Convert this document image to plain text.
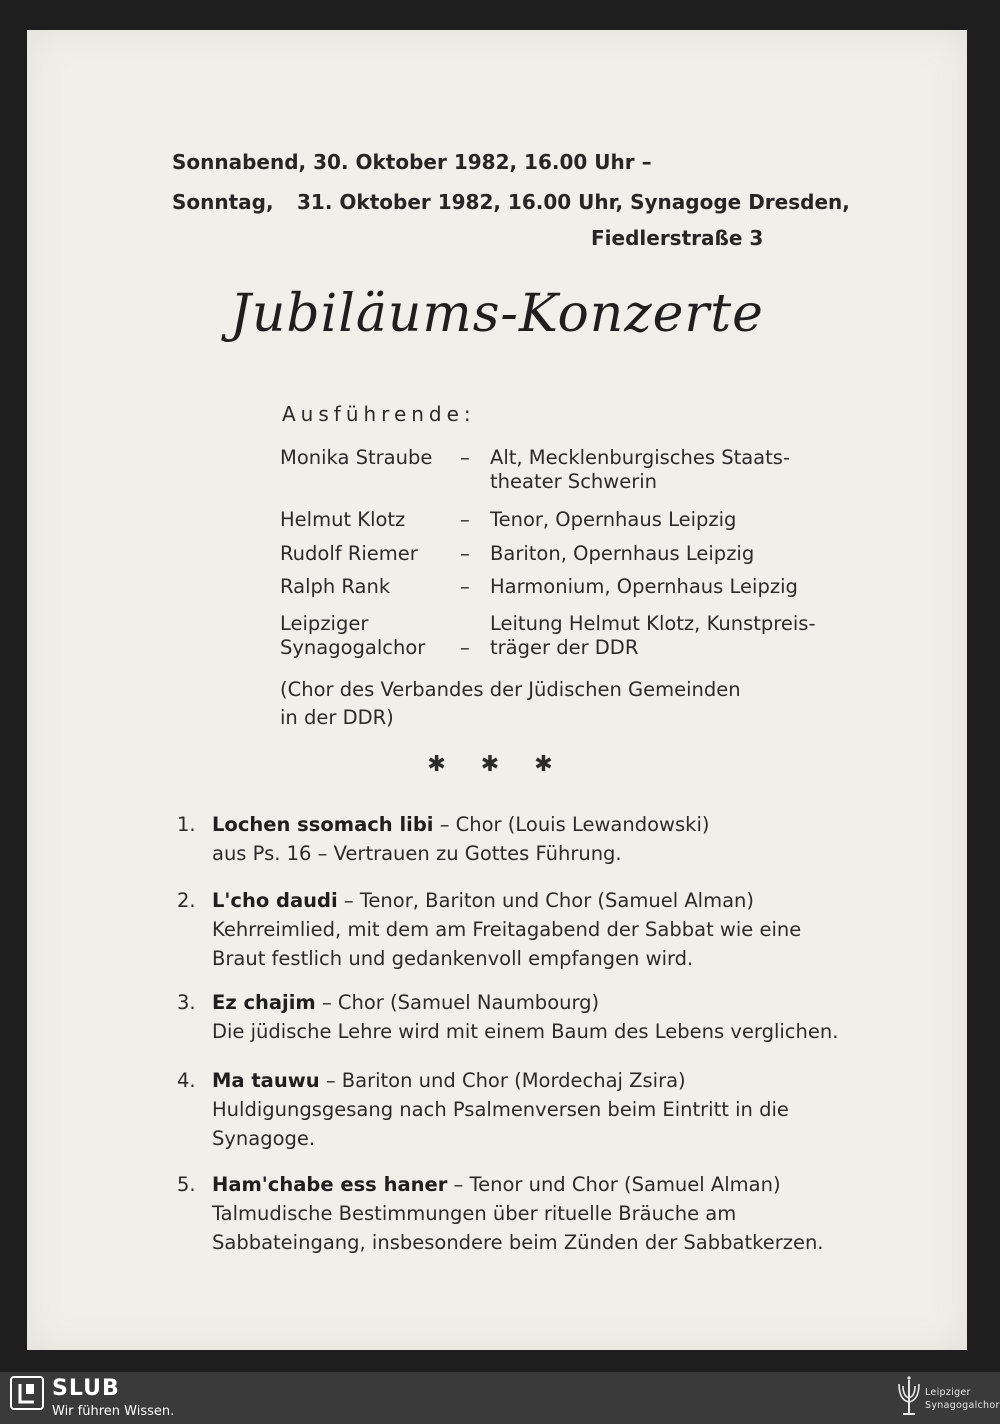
Sonnabend, 30. Oktober 1982, 16.00 Uhr –
Sonntag, 31. Oktober 1982, 16.00 Uhr, Synagoge Dresden,
Fiedlerstraße 3
Jubiläums-Konzerte
Ausführende:
Monika Straube – Alt, Mecklenburgisches Staats-
theater Schwerin
Helmut Klotz	– Tenor, Opernhaus Leipzig
Rudolf Riemer – Bariton, Opernhaus Leipzig
Ralph Rank	– Harmonium, Opernhaus Leipzig
Leipziger
Synagogalchor –
Leitung Helmut Klotz, Kunstpreis-
träger der DDR
(Chor des Verbandes der Jüdischen Gemeinden
in der DDR)
✱ ✱ ✱
1. Lochen ssomach libi – Chor (Louis Lewandowski)
aus Ps. 16 – Vertrauen zu Gottes Führung.
2. L'cho daudi – Tenor, Bariton und Chor (Samuel Alman)
Kehrreimlied, mit dem am Freitagabend der Sabbat wie eine
Braut festlich und gedankenvoll empfangen wird.
3. Ez chajim – Chor (Samuel Naumbourg)
Die jüdische Lehre wird mit einem Baum des Lebens verglichen.
4. Ma tauwu – Bariton und Chor (Mordechaj Zsira)
Huldigungsgesang nach Psalmenversen beim Eintritt in die
Synagoge.
5. Ham'chabe ess haner – Tenor und Chor (Samuel Alman)
Talmudische Bestimmungen über rituelle Bräuche am
Sabbateingang, insbesondere beim Zünden der Sabbatkerzen.
SLUB
Wir führen Wissen.
Leipziger
Synagogalchor
